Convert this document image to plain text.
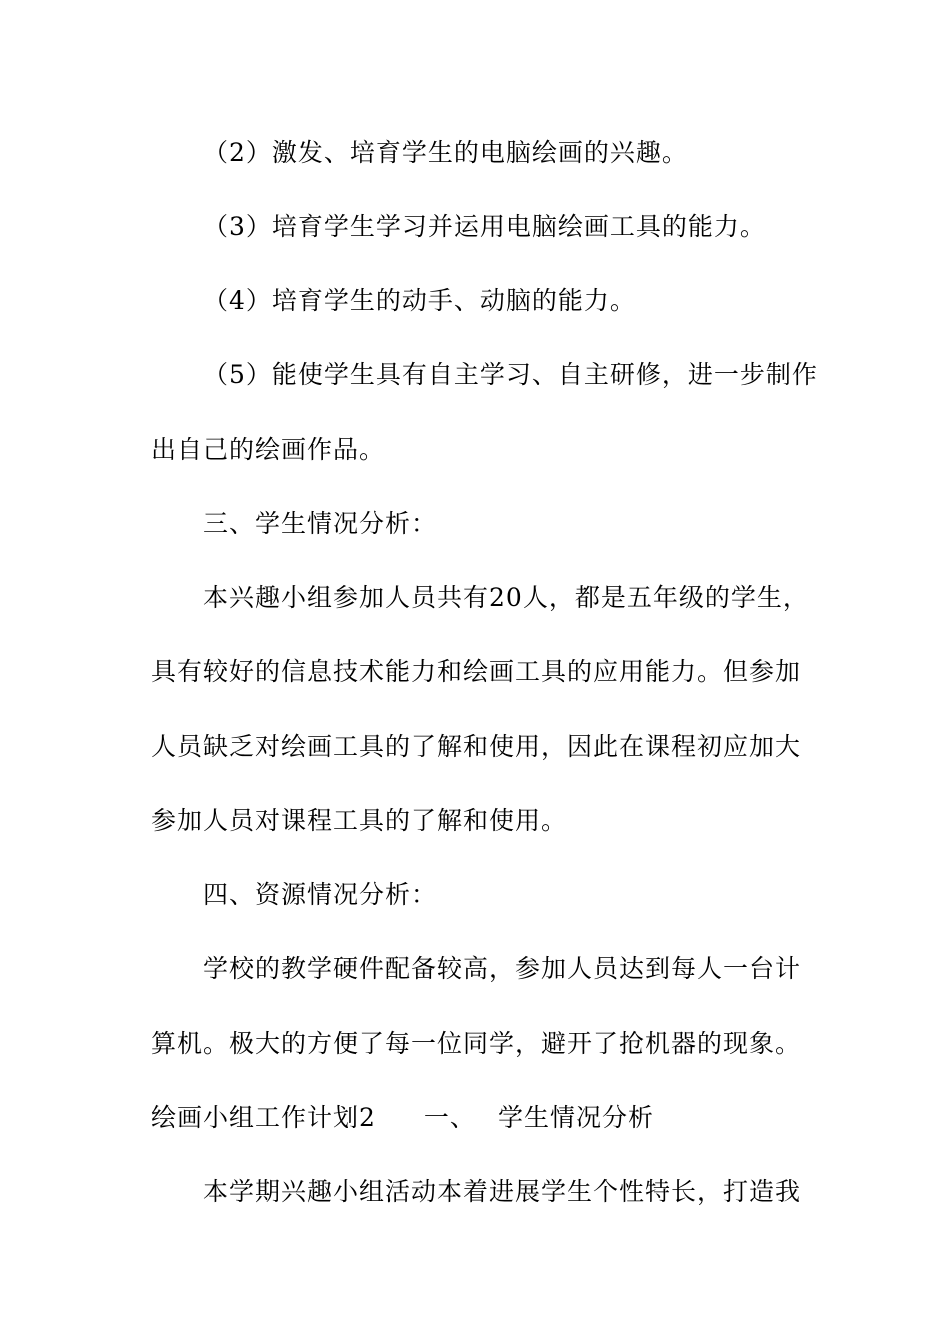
（2）激发、培育学生的电脑绘画的兴趣。
（3）培育学生学习并运用电脑绘画工具的能力。
（4）培育学生的动手、动脑的能力。
（5）能使学生具有自主学习、自主研修，进一步制作
出自己的绘画作品。
三、学生情况分析：
本兴趣小组参加人员共有20人，都是五年级的学生，
具有较好的信息技术能力和绘画工具的应用能力。但参加
人员缺乏对绘画工具的了解和使用，因此在课程初应加大
参加人员对课程工具的了解和使用。
四、资源情况分析：
学校的教学硬件配备较高，参加人员达到每人一台计
算机。极大的方便了每一位同学，避开了抢机器的现象。
绘画小组工作计划2 一、 学生情况分析
本学期兴趣小组活动本着进展学生个性特长，打造我
